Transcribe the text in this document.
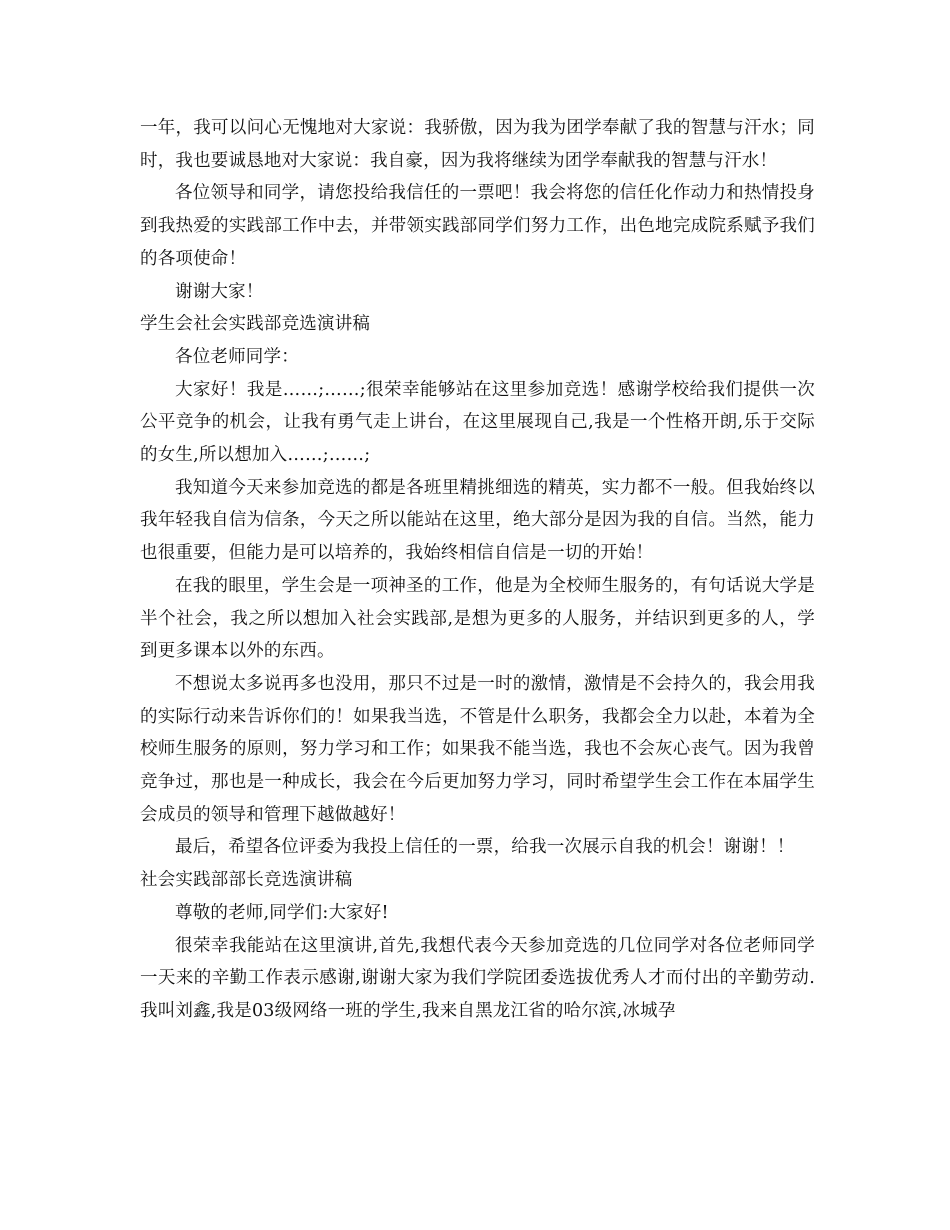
一年，我可以问心无愧地对大家说：我骄傲，因为我为团学奉献了我的智慧与汗水；同时，我也要诚恳地对大家说：我自豪，因为我将继续为团学奉献我的智慧与汗水！

各位领导和同学，请您投给我信任的一票吧！我会将您的信任化作动力和热情投身到我热爱的实践部工作中去，并带领实践部同学们努力工作，出色地完成院系赋予我们的各项使命！

谢谢大家！

学生会社会实践部竞选演讲稿

各位老师同学：

大家好！我是……;……;很荣幸能够站在这里参加竞选！感谢学校给我们提供一次公平竞争的机会，让我有勇气走上讲台，在这里展现自己,我是一个性格开朗,乐于交际的女生,所以想加入……;……;

我知道今天来参加竞选的都是各班里精挑细选的精英，实力都不一般。但我始终以我年轻我自信为信条，今天之所以能站在这里，绝大部分是因为我的自信。当然，能力也很重要，但能力是可以培养的，我始终相信自信是一切的开始！

在我的眼里，学生会是一项神圣的工作，他是为全校师生服务的，有句话说大学是半个社会，我之所以想加入社会实践部,是想为更多的人服务，并结识到更多的人，学到更多课本以外的东西。

不想说太多说再多也没用，那只不过是一时的激情，激情是不会持久的，我会用我的实际行动来告诉你们的！如果我当选，不管是什么职务，我都会全力以赴，本着为全校师生服务的原则，努力学习和工作；如果我不能当选，我也不会灰心丧气。因为我曾竞争过，那也是一种成长，我会在今后更加努力学习，同时希望学生会工作在本届学生会成员的领导和管理下越做越好！

最后，希望各位评委为我投上信任的一票，给我一次展示自我的机会！谢谢！！

社会实践部部长竞选演讲稿

尊敬的老师,同学们:大家好!

很荣幸我能站在这里演讲,首先,我想代表今天参加竞选的几位同学对各位老师同学一天来的辛勤工作表示感谢,谢谢大家为我们学院团委选拔优秀人才而付出的辛勤劳动.我叫刘鑫,我是03级网络一班的学生,我来自黑龙江省的哈尔滨,冰城孕
